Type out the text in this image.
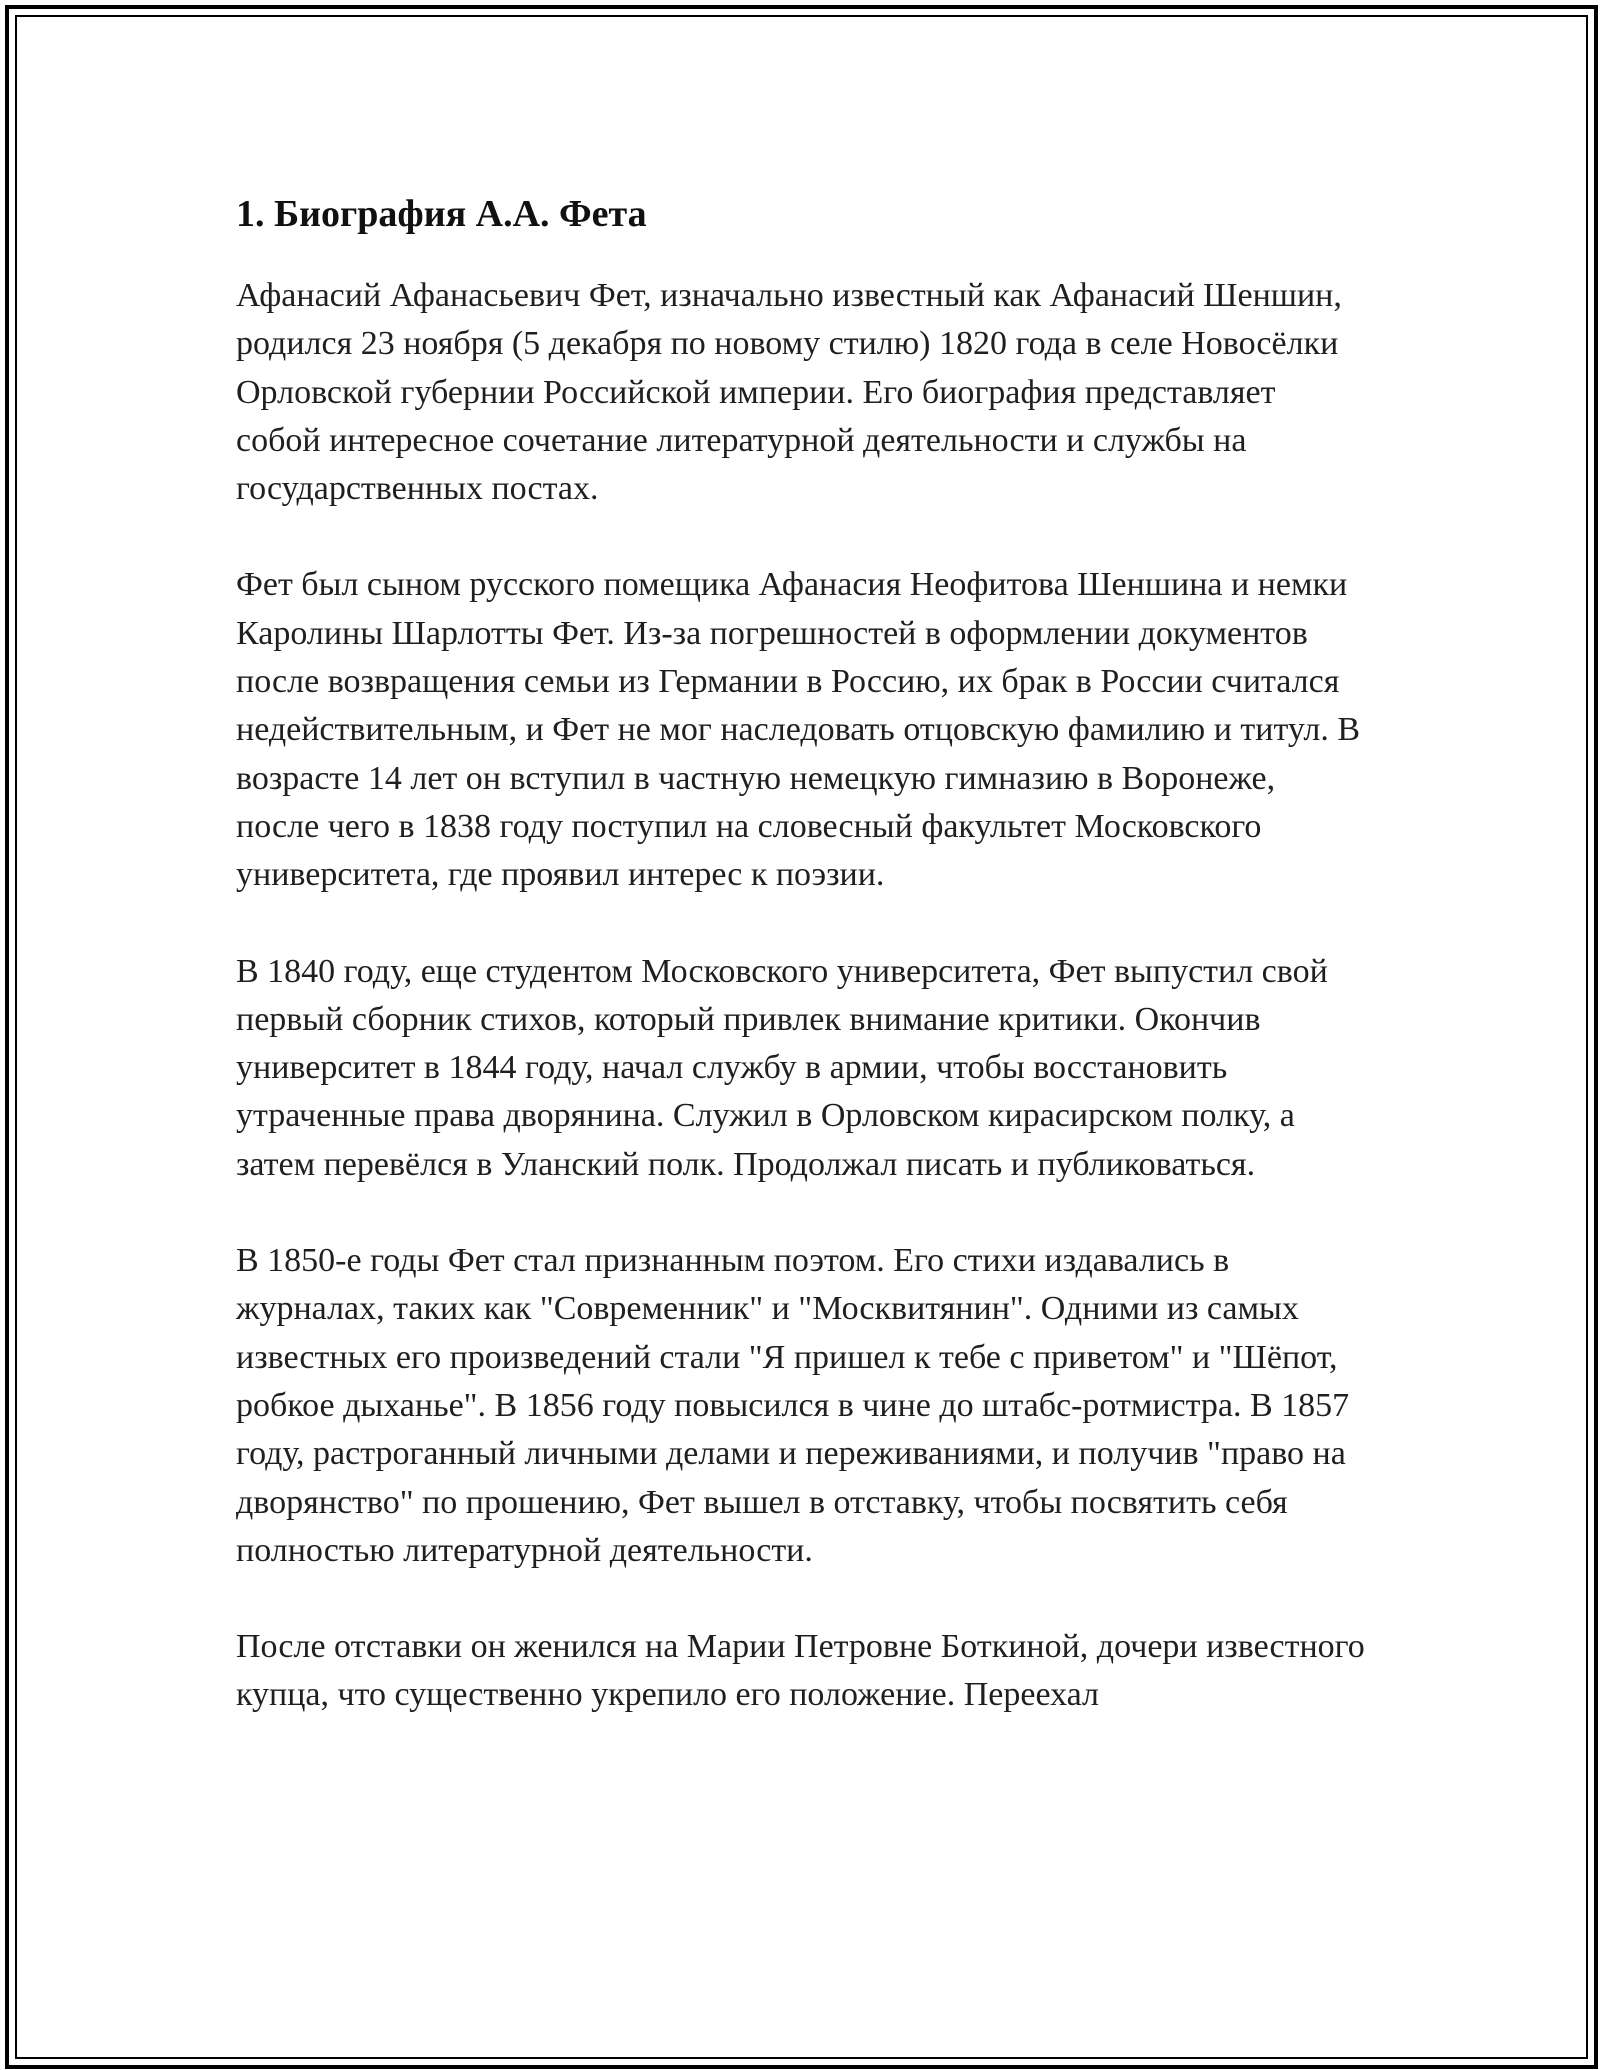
1. Биография А.А. Фета

Афанасий Афанасьевич Фет, изначально известный как Афанасий Шеншин, родился 23 ноября (5 декабря по новому стилю) 1820 года в селе Новосёлки Орловской губернии Российской империи. Его биография представляет собой интересное сочетание литературной деятельности и службы на государственных постах.

Фет был сыном русского помещика Афанасия Неофитова Шеншина и немки Каролины Шарлотты Фет. Из-за погрешностей в оформлении документов после возвращения семьи из Германии в Россию, их брак в России считался недействительным, и Фет не мог наследовать отцовскую фамилию и титул. В возрасте 14 лет он вступил в частную немецкую гимназию в Воронеже, после чего в 1838 году поступил на словесный факультет Московского университета, где проявил интерес к поэзии.

В 1840 году, еще студентом Московского университета, Фет выпустил свой первый сборник стихов, который привлек внимание критики. Окончив университет в 1844 году, начал службу в армии, чтобы восстановить утраченные права дворянина. Служил в Орловском кирасирском полку, а затем перевёлся в Уланский полк. Продолжал писать и публиковаться.

В 1850-е годы Фет стал признанным поэтом. Его стихи издавались в журналах, таких как "Современник" и "Москвитянин". Одними из самых известных его произведений стали "Я пришел к тебе с приветом" и "Шёпот, робкое дыханье". В 1856 году повысился в чине до штабс-ротмистра. В 1857 году, растроганный личными делами и переживаниями, и получив "право на дворянство" по прошению, Фет вышел в отставку, чтобы посвятить себя полностью литературной деятельности.

После отставки он женился на Марии Петровне Боткиной, дочери известного купца, что существенно укрепило его положение. Переехал
